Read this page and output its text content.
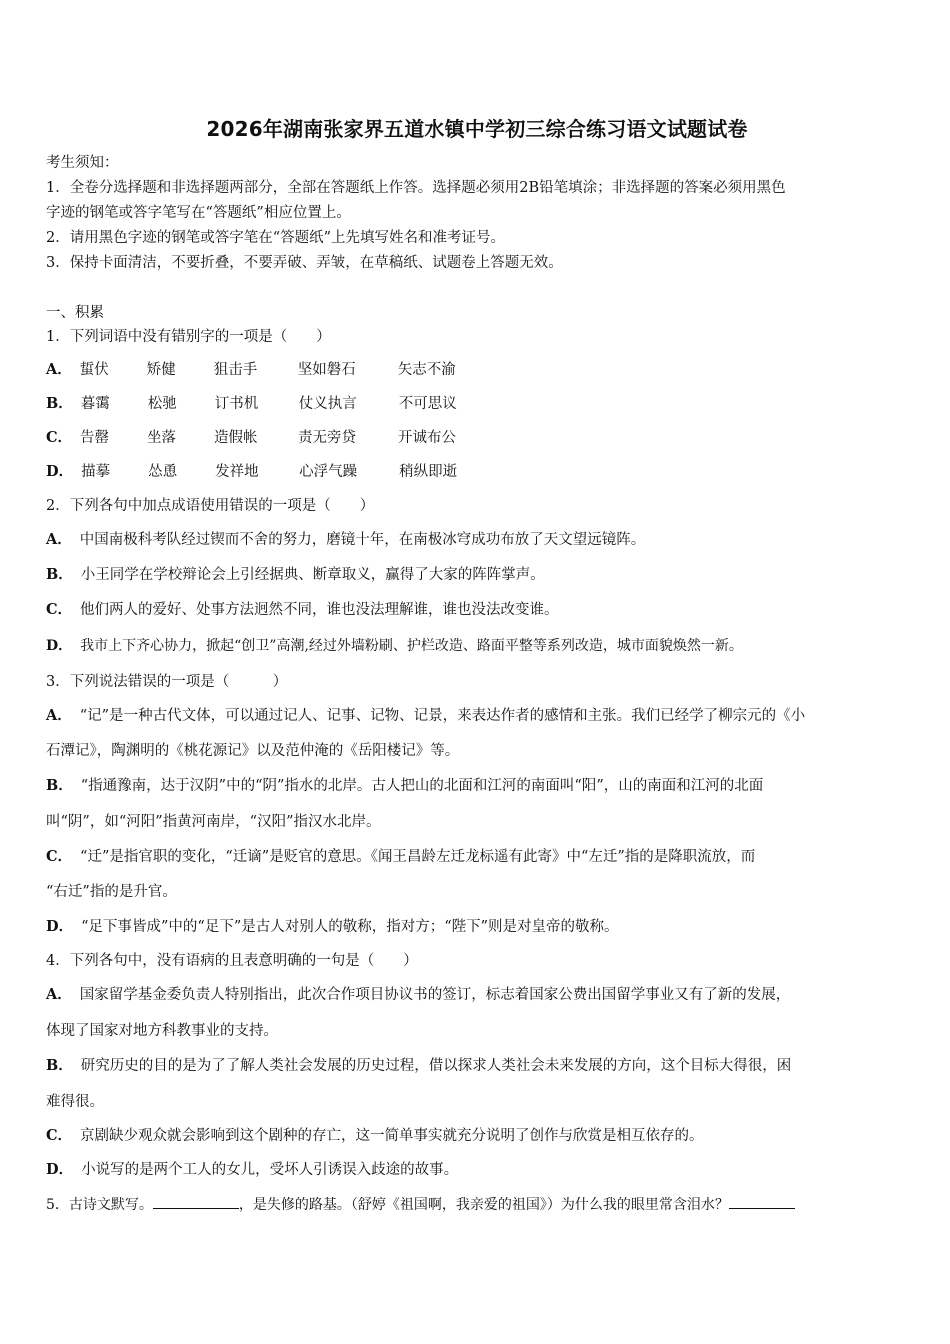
2026年湖南张家界五道水镇中学初三综合练习语文试题试卷
考生须知：
1．全卷分选择题和非选择题两部分，全部在答题纸上作答。选择题必须用2B铅笔填涂；非选择题的答案必须用黑色
字迹的钢笔或答字笔写在“答题纸”相应位置上。
2．请用黑色字迹的钢笔或答字笔在“答题纸”上先填写姓名和准考证号。
3．保持卡面清洁，不要折叠，不要弄破、弄皱，在草稿纸、试题卷上答题无效。
一、积累
1．下列词语中没有错别字的一项是（　　）
A． 蜇伏	矫健	狙击手	坚如磐石	矢志不渝
B． 暮霭	松驰	订书机	仗义执言	不可思议
C． 告罄	坐落	造假帐	责无旁贷	开诚布公
D． 描摹	怂恿	发祥地	心浮气躁	稍纵即逝
2．下列各句中加点成语使用错误的一项是（　　）
A． 中国南极科考队经过锲而不舍的努力，磨镜十年，在南极冰穹成功布放了天文望远镜阵。
B． 小王同学在学校辩论会上引经据典、断章取义，赢得了大家的阵阵掌声。
C． 他们两人的爱好、处事方法迥然不同，谁也没法理解谁，谁也没法改变谁。
D． 我市上下齐心协力，掀起“创卫”高潮,经过外墙粉刷、护栏改造、路面平整等系列改造，城市面貌焕然一新。
3．下列说法错误的一项是（　　　）
A． “记”是一种古代文体，可以通过记人、记事、记物、记景，来表达作者的感情和主张。我们已经学了柳宗元的《小
石潭记》，陶渊明的《桃花源记》以及范仲淹的《岳阳楼记》等。
B． “指通豫南，达于汉阴”中的“阴”指水的北岸。古人把山的北面和江河的南面叫“阳”，山的南面和江河的北面
叫“阴”，如“河阳”指黄河南岸，“汉阳”指汉水北岸。
C． “迁”是指官职的变化，“迁谪”是贬官的意思。《闻王昌龄左迁龙标遥有此寄》中“左迁”指的是降职流放，而
“右迁”指的是升官。
D． “足下事皆成”中的“足下”是古人对别人的敬称，指对方；“陛下”则是对皇帝的敬称。
4．下列各句中，没有语病的且表意明确的一句是（　　）
A． 国家留学基金委负责人特别指出，此次合作项目协议书的签订，标志着国家公费出国留学事业又有了新的发展，
体现了国家对地方科教事业的支持。
B． 研究历史的目的是为了了解人类社会发展的历史过程，借以探求人类社会未来发展的方向，这个目标大得很，困
难得很。
C． 京剧缺少观众就会影响到这个剧种的存亡，这一简单事实就充分说明了创作与欣赏是相互依存的。
D． 小说写的是两个工人的女儿，受坏人引诱误入歧途的故事。
5．古诗文默写。	，是失修的路基。（舒婷《祖国啊，我亲爱的祖国》）为什么我的眼里常含泪水？
